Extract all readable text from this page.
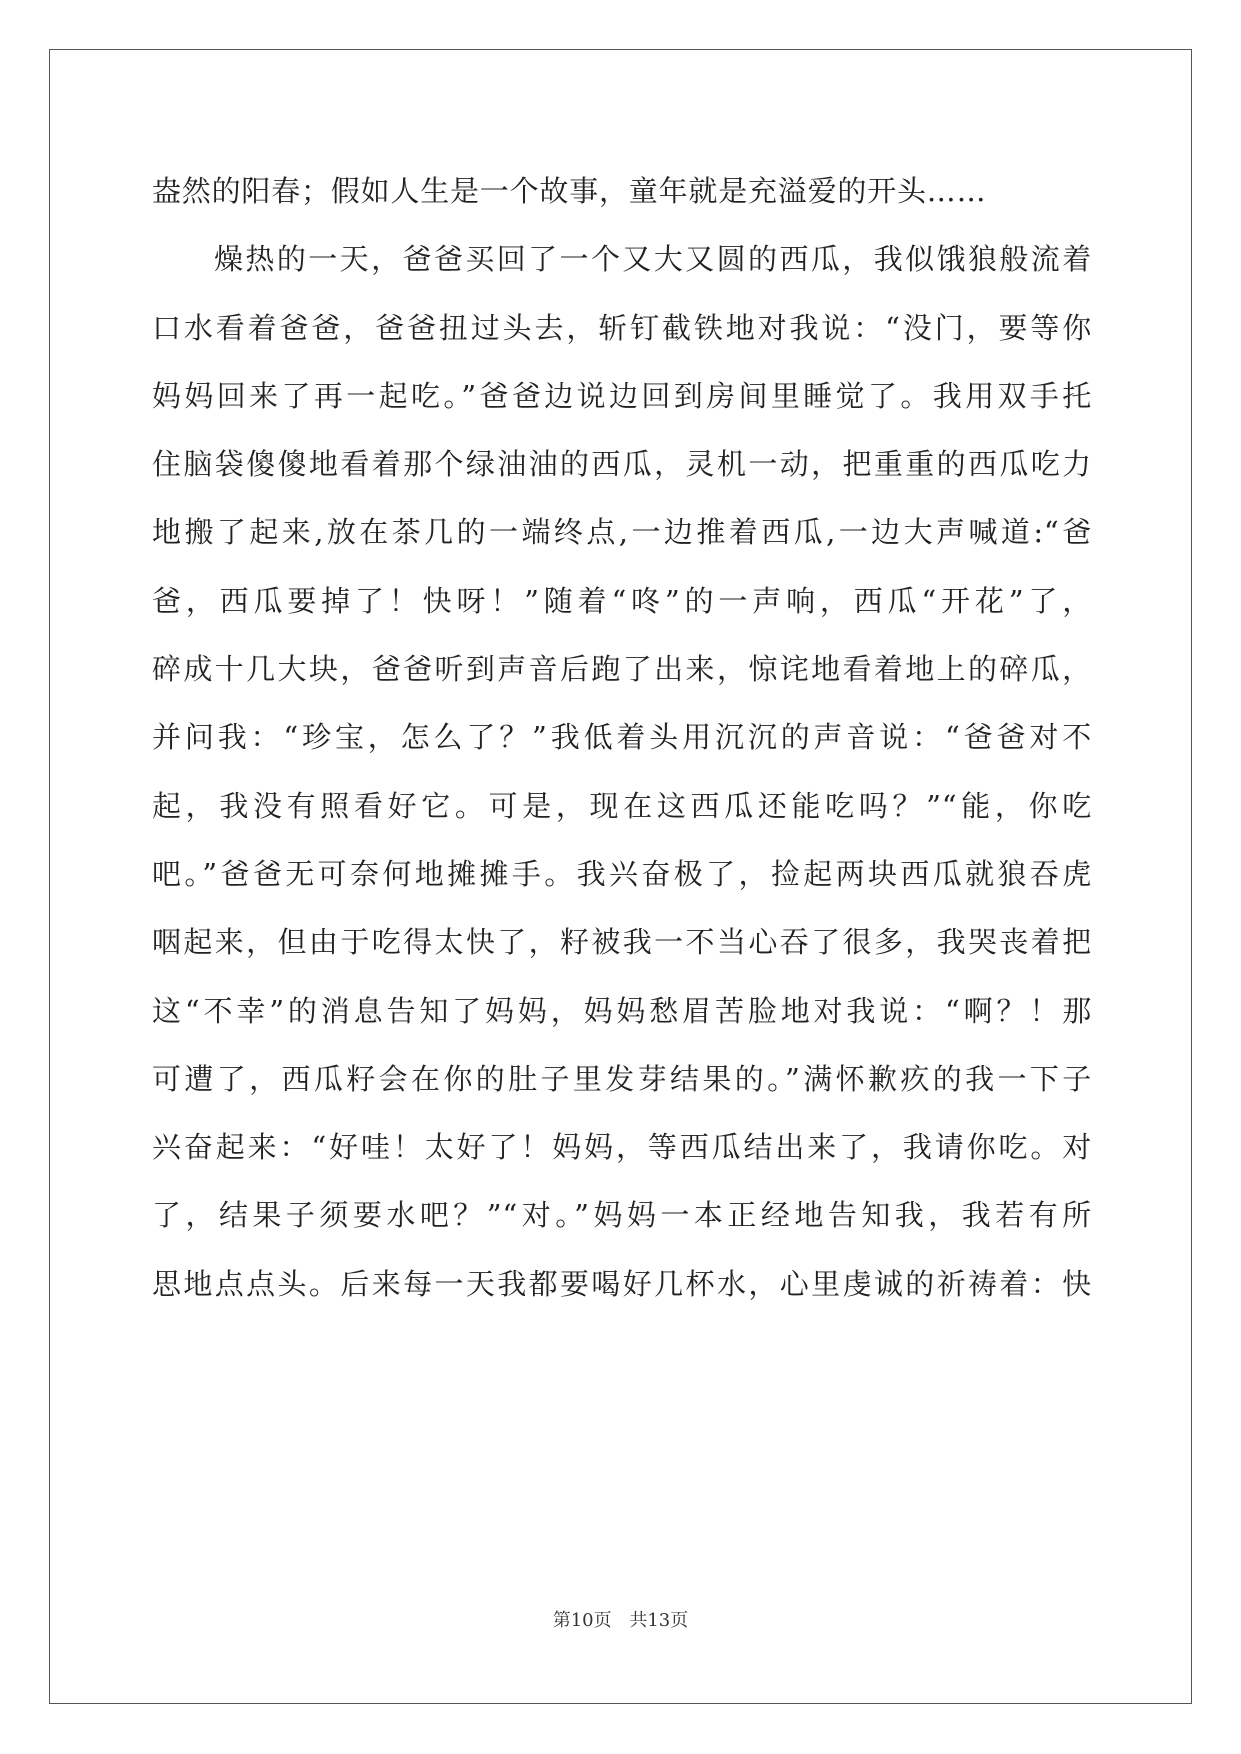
盎然的阳春；假如人生是一个故事，童年就是充溢爱的开头……
燥热的一天，爸爸买回了一个又大又圆的西瓜，我似饿狼般流着
口水看着爸爸，爸爸扭过头去，斩钉截铁地对我说：“没门，要等你
妈妈回来了再一起吃。”爸爸边说边回到房间里睡觉了。我用双手托
住脑袋傻傻地看着那个绿油油的西瓜，灵机一动，把重重的西瓜吃力
地搬了起来,放在茶几的一端终点,一边推着西瓜,一边大声喊道:“爸
爸，西瓜要掉了！快呀！”随着“咚”的一声响，西瓜“开花”了，
碎成十几大块，爸爸听到声音后跑了出来，惊诧地看着地上的碎瓜，
并问我：“珍宝，怎么了？”我低着头用沉沉的声音说：“爸爸对不
起，我没有照看好它。可是，现在这西瓜还能吃吗？”“能，你吃
吧。”爸爸无可奈何地摊摊手。我兴奋极了，捡起两块西瓜就狼吞虎
咽起来，但由于吃得太快了，籽被我一不当心吞了很多，我哭丧着把
这“不幸”的消息告知了妈妈，妈妈愁眉苦脸地对我说：“啊？！那
可遭了，西瓜籽会在你的肚子里发芽结果的。”满怀歉疚的我一下子
兴奋起来：“好哇！太好了！妈妈，等西瓜结出来了，我请你吃。对
了，结果子须要水吧？”“对。”妈妈一本正经地告知我，我若有所
思地点点头。后来每一天我都要喝好几杯水，心里虔诚的祈祷着：快
第10页 共13页
